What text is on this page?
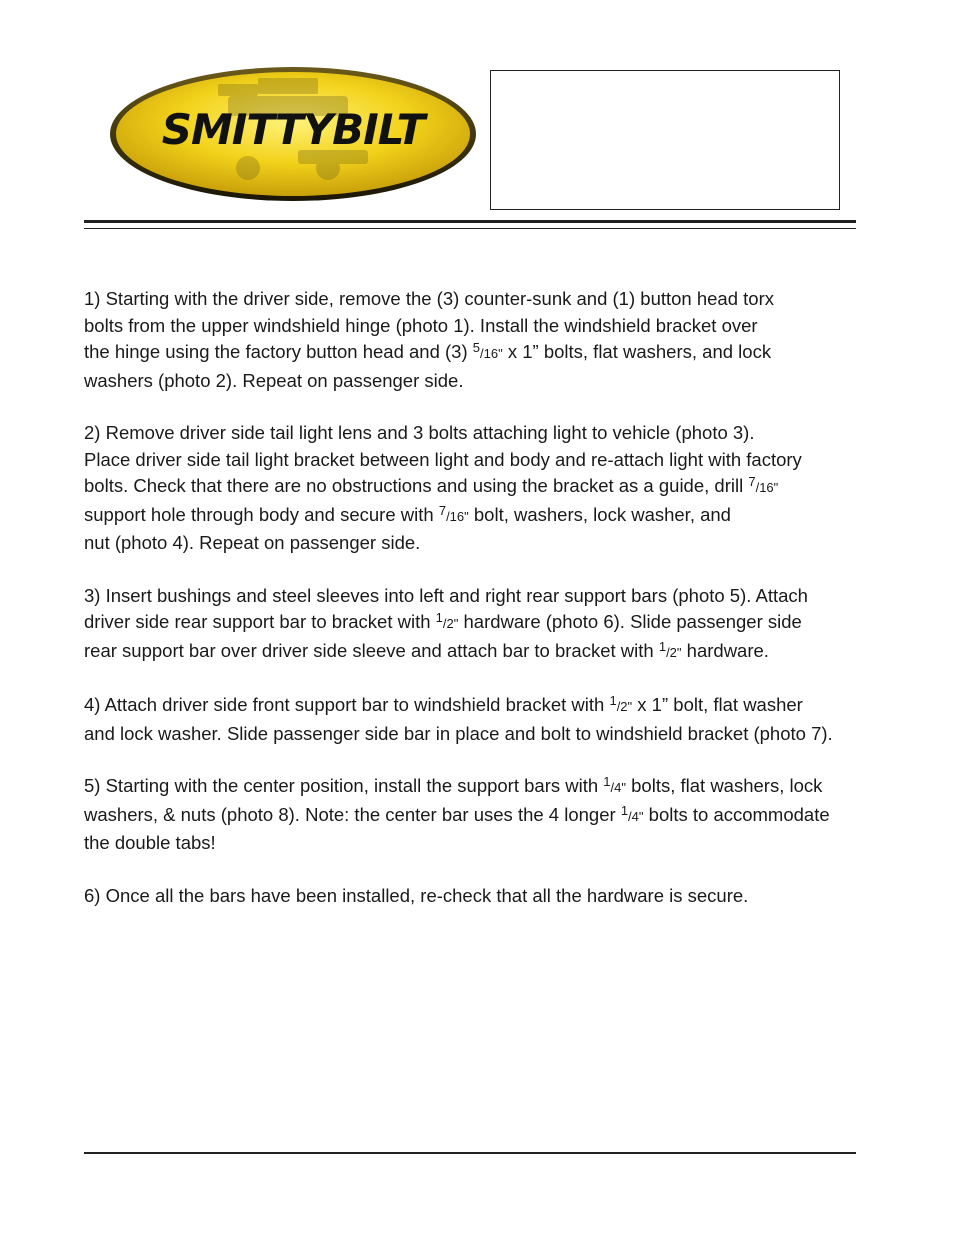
SMITTYBILT
1) Starting with the driver side, remove the (3) counter-sunk and (1) button head torx
bolts from the upper windshield hinge (photo 1). Install the windshield bracket over
the hinge using the factory button head and (3) $^5$/16" x 1” bolts, flat washers, and lock
washers (photo 2). Repeat on passenger side.
2) Remove driver side tail light lens and 3 bolts attaching light to vehicle (photo 3).
Place driver side tail light bracket between light and body and re-attach light with factory
bolts. Check that there are no obstructions and using the bracket as a guide, drill $^7$/16"
support hole through body and secure with $^7$/16" bolt, washers, lock washer, and
nut (photo 4). Repeat on passenger side.
3) Insert bushings and steel sleeves into left and right rear support bars (photo 5). Attach
driver side rear support bar to bracket with $^1$/2" hardware (photo 6). Slide passenger side
rear support bar over driver side sleeve and attach bar to bracket with $^1$/2" hardware.
4) Attach driver side front support bar to windshield bracket with $^1$/2" x 1” bolt, flat washer
and lock washer. Slide passenger side bar in place and bolt to windshield bracket (photo 7).
5) Starting with the center position, install the support bars with $^1$/4" bolts, flat washers, lock
washers, & nuts (photo 8). Note: the center bar uses the 4 longer $^1$/4" bolts to accommodate
the double tabs!
6) Once all the bars have been installed, re-check that all the hardware is secure.
